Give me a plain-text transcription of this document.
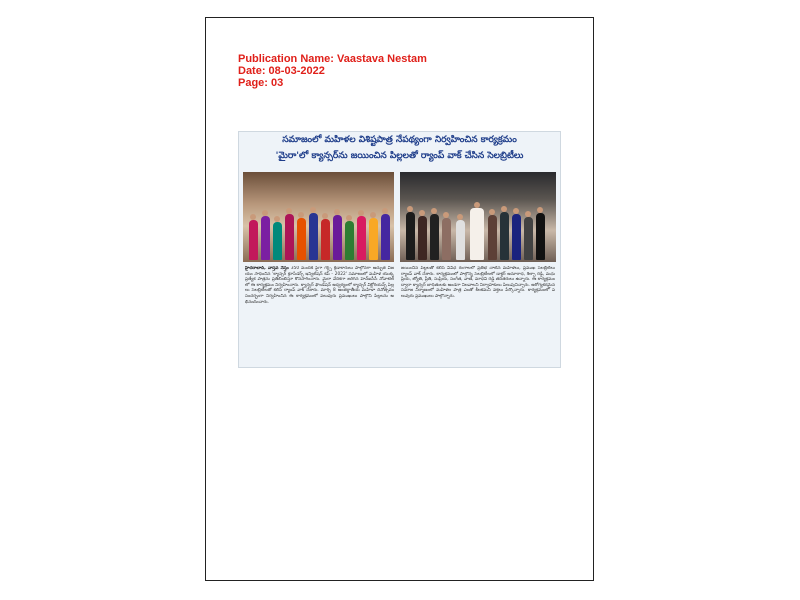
Publication Name: Vaastava Nestam
Date: 08-03-2022
Page: 03
సమాజంలో మహిళల విశిష్టపాత్ర నేపథ్యంగా నిర్వహించిన కార్యక్రమం
'మైరా'లో క్యాన్సర్‌ను జయించిన పిల్లలతో ర్యాంప్ వాక్ చేసిన సెలబ్రిటీలు
హైదరాబాద్, వాస్తవ నేస్తం 350 మందికి పైగా గర్ల్స్ క్రీడాకారులు పాల్గొనగా అద్భుత విజయం సాధించిన 'క్యాన్సర్ క్రూసేడర్స్ ఇన్విటేషన్ కప్ - 2022' సమాజంలో మహిళ యొక్క ప్రత్యేక పాత్రను ప్రతిబింబిస్తూ కొనసాగించారు. మైరా వేదికగా జరిగిన హెచ్ఐసీసీ నోవాటెల్ లో ఈ కార్యక్రమం నిర్వహించారు. క్యాన్సర్ ఫౌండేషన్ అధ్వర్యంలో క్యాన్సర్ విక్టోరియన్స్ పిల్లలు సెలబ్రిటీలతో కలిసి ర్యాంప్ వాక్ చేశారు. మార్చి 8 అంతర్జాతీయ మహిళా దినోత్సవం సందర్భంగా నిర్వహించిన ఈ కార్యక్రమంలో పలువురు ప్రముఖులు పాల్గొని పిల్లలను అభినందించారు.
జయించిన పిల్లలతో కలిసి వివిధ రంగాలలో ప్రతిభ చాటిన మహిళలు, ప్రముఖ సెలబ్రిటీలు ర్యాంప్ వాక్ చేశారు. కార్యక్రమంలో పాల్గొన్న సెలబ్రిటీలలో డాక్టర్ అనూరాధ, శిల్పా రెడ్డి, మధు ప్రియ, జ్యోతి, ప్రీతి, సుప్రియ, సంగీత, వాణి, మాధవి రెడ్డి తదితరులు ఉన్నారు. ఈ కార్యక్రమం ద్వారా క్యాన్సర్ బాధితులకు అండగా నిలవాలని నిర్వాహకులు పిలుపునిచ్చారు. ఆరోగ్యకరమైన సమాజ నిర్మాణంలో మహిళల పాత్ర ఎంతో కీలకమని వక్తలు పేర్కొన్నారు. కార్యక్రమంలో పలువురు ప్రముఖులు పాల్గొన్నారు.
